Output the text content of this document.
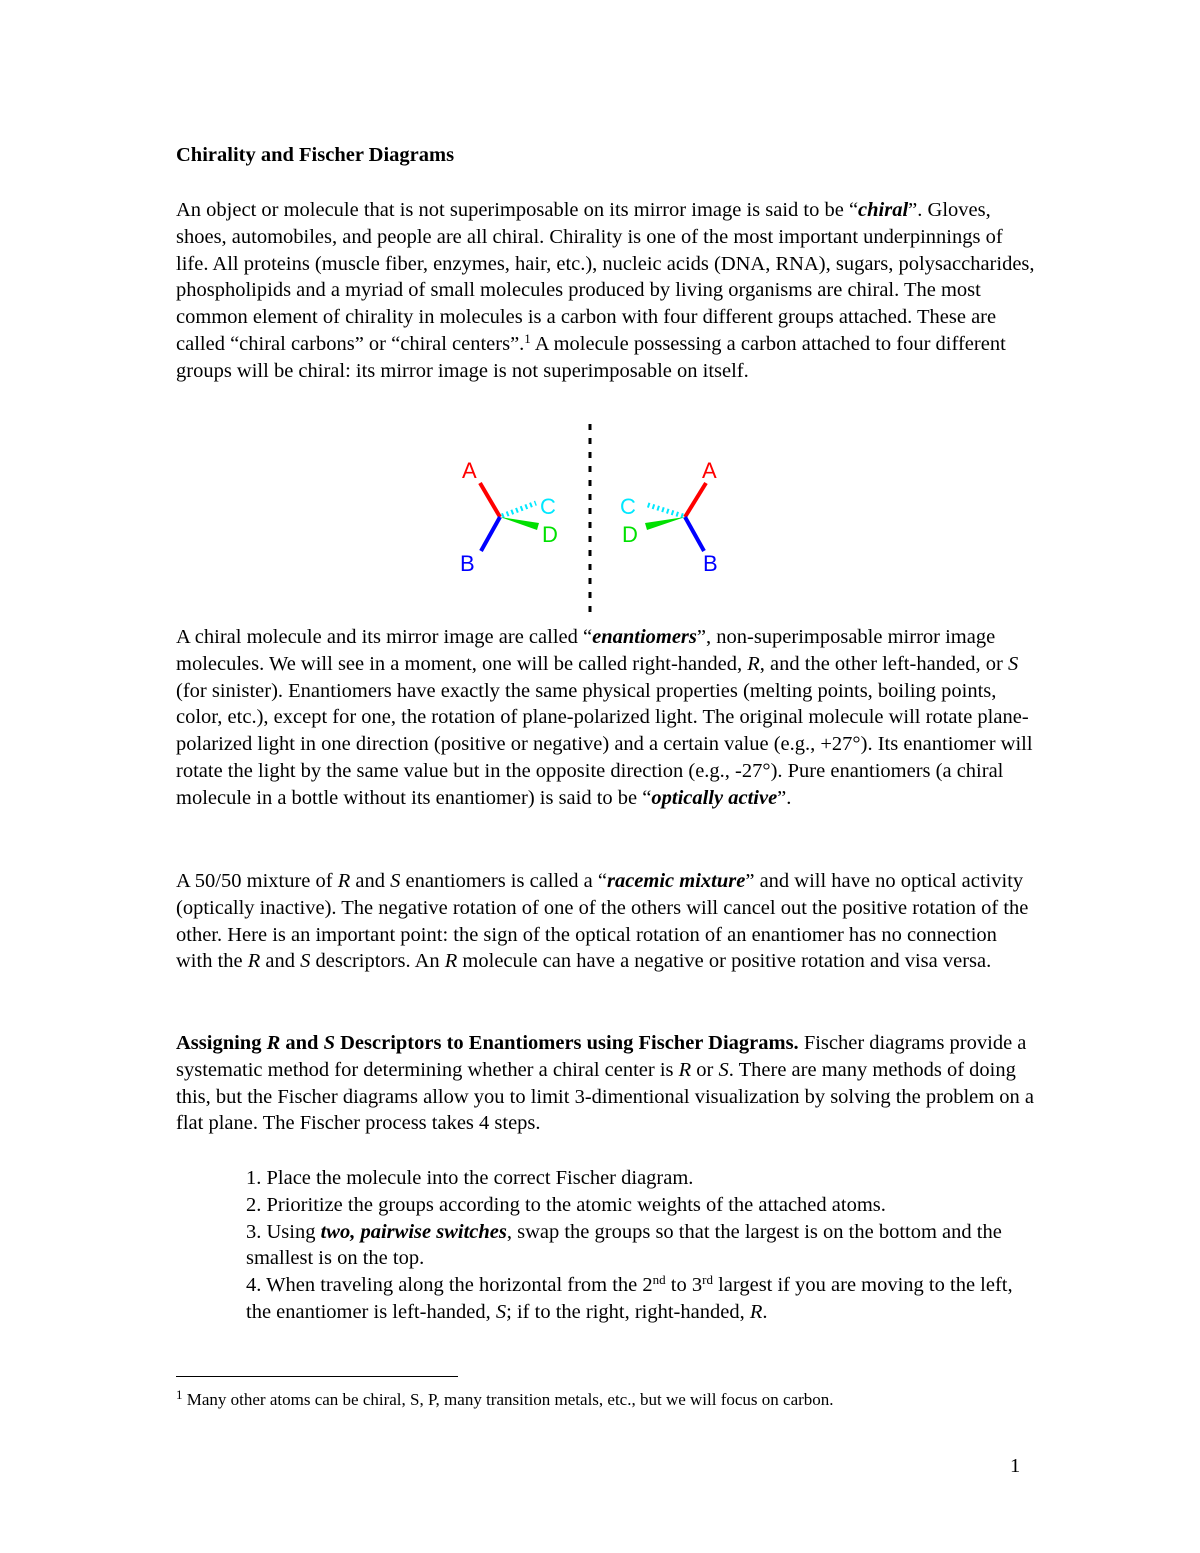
Chirality and Fischer Diagrams

An object or molecule that is not superimposable on its mirror image is said to be “chiral”. Gloves, shoes, automobiles, and people are all chiral. Chirality is one of the most important underpinnings of life. All proteins (muscle fiber, enzymes, hair, etc.), nucleic acids (DNA, RNA), sugars, polysaccharides, phospholipids and a myriad of small molecules produced by living organisms are chiral. The most common element of chirality in molecules is a carbon with four different groups attached. These are called “chiral carbons” or “chiral centers”.$^1$ A molecule possessing a carbon attached to four different groups will be chiral: its mirror image is not superimposable on itself.

A
B
C
D
A
B
C
D

A chiral molecule and its mirror image are called “enantiomers”, non-superimposable mirror image molecules. We will see in a moment, one will be called right-handed, R, and the other left-handed, or S (for sinister). Enantiomers have exactly the same physical properties (melting points, boiling points, color, etc.), except for one, the rotation of plane-polarized light. The original molecule will rotate plane-polarized light in one direction (positive or negative) and a certain value (e.g., +27°). Its enantiomer will rotate the light by the same value but in the opposite direction (e.g., -27°). Pure enantiomers (a chiral molecule in a bottle without its enantiomer) is said to be “optically active”.

A 50/50 mixture of R and S enantiomers is called a “racemic mixture” and will have no optical activity (optically inactive). The negative rotation of one of the others will cancel out the positive rotation of the other. Here is an important point: the sign of the optical rotation of an enantiomer has no connection with the R and S descriptors. An R molecule can have a negative or positive rotation and visa versa.

Assigning R and S Descriptors to Enantiomers using Fischer Diagrams. Fischer diagrams provide a systematic method for determining whether a chiral center is R or S. There are many methods of doing this, but the Fischer diagrams allow you to limit 3-dimentional visualization by solving the problem on a flat plane. The Fischer process takes 4 steps.

1. Place the molecule into the correct Fischer diagram.
2. Prioritize the groups according to the atomic weights of the attached atoms.
3. Using two, pairwise switches, swap the groups so that the largest is on the bottom and the smallest is on the top.
4. When traveling along the horizontal from the 2nd to 3rd largest if you are moving to the left, the enantiomer is left-handed, S; if to the right, right-handed, R.
$^1$ Many other atoms can be chiral, S, P, many transition metals, etc., but we will focus on carbon.
1
